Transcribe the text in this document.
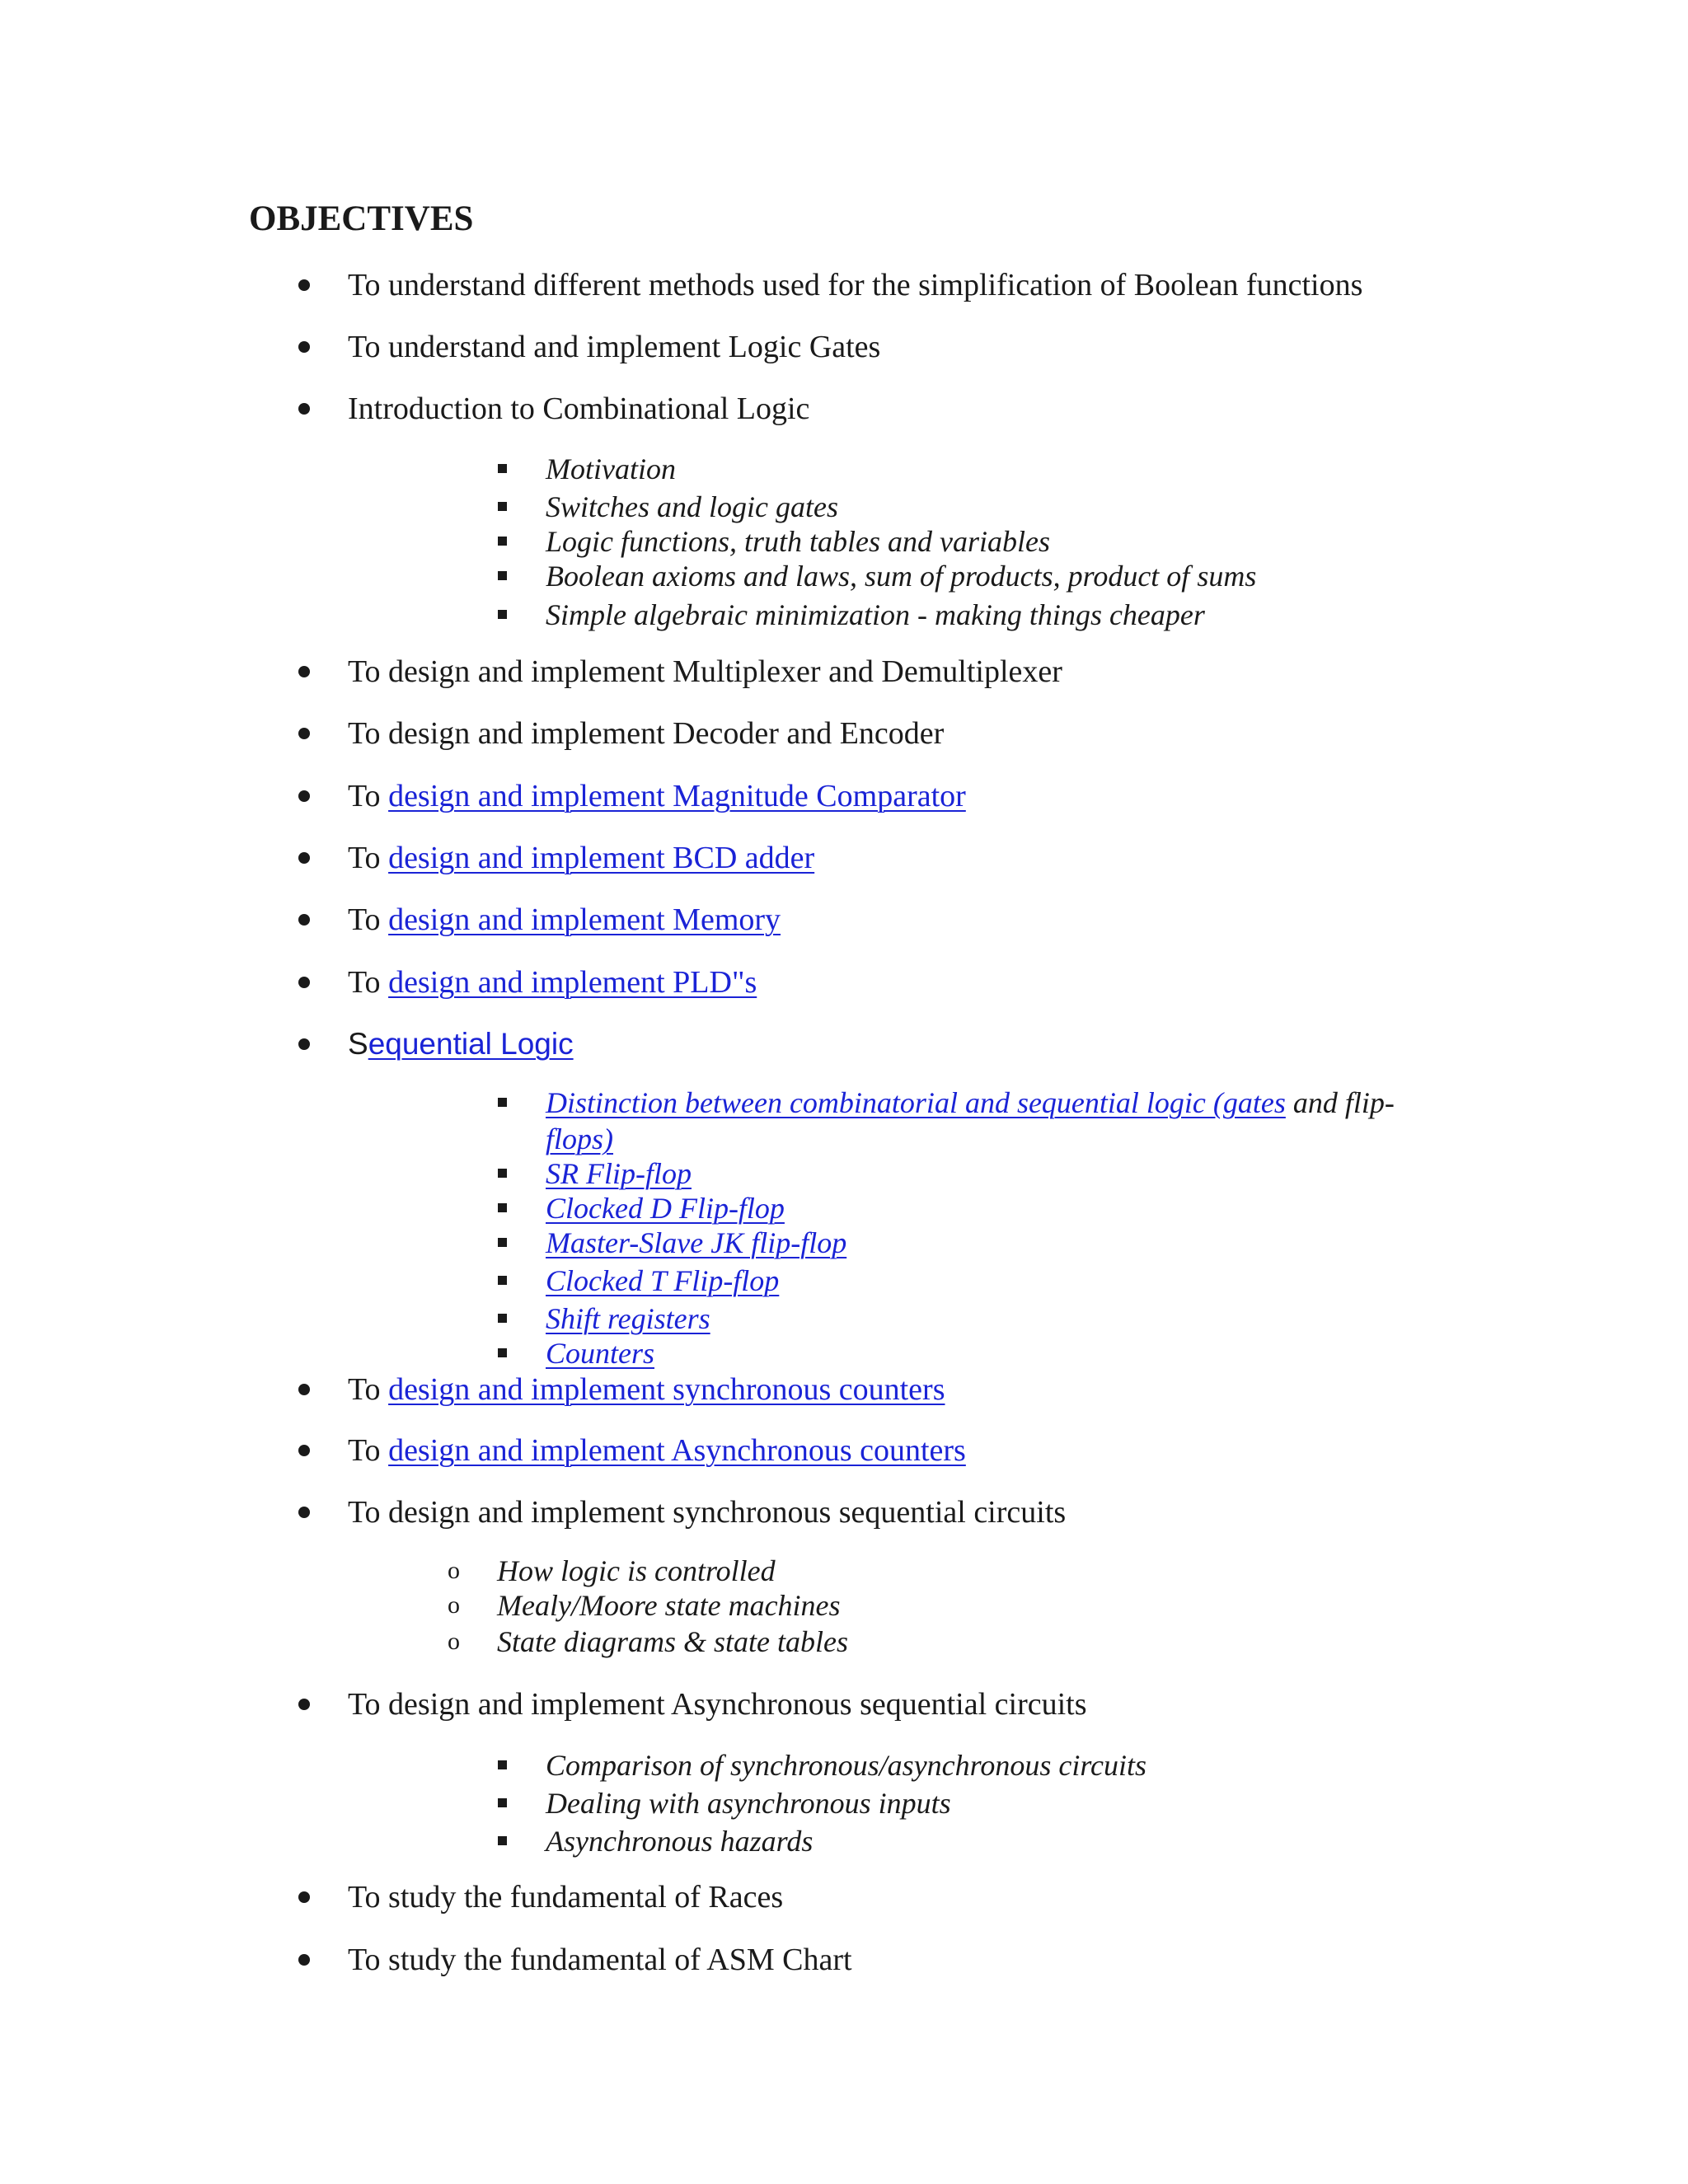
OBJECTIVES
To understand different methods used for the simplification of Boolean functions
To understand and implement Logic Gates
Introduction to Combinational Logic
Motivation
Switches and logic gates
Logic functions, truth tables and variables
Boolean axioms and laws, sum of products, product of sums
Simple algebraic minimization - making things cheaper
To design and implement Multiplexer and Demultiplexer
To design and implement Decoder and Encoder
To design and implement Magnitude Comparator
To design and implement BCD adder
To design and implement Memory
To design and implement PLD"s
Sequential Logic
Distinction between combinatorial and sequential logic (gates and flip-
flops)
SR Flip-flop
Clocked D Flip-flop
Master-Slave JK flip-flop
Clocked T Flip-flop
Shift registers
Counters
To design and implement synchronous counters
To design and implement Asynchronous counters
To design and implement synchronous sequential circuits
o How logic is controlled
o Mealy/Moore state machines
o State diagrams & state tables
To design and implement Asynchronous sequential circuits
Comparison of synchronous/asynchronous circuits
Dealing with asynchronous inputs
Asynchronous hazards
To study the fundamental of Races
To study the fundamental of ASM Chart
